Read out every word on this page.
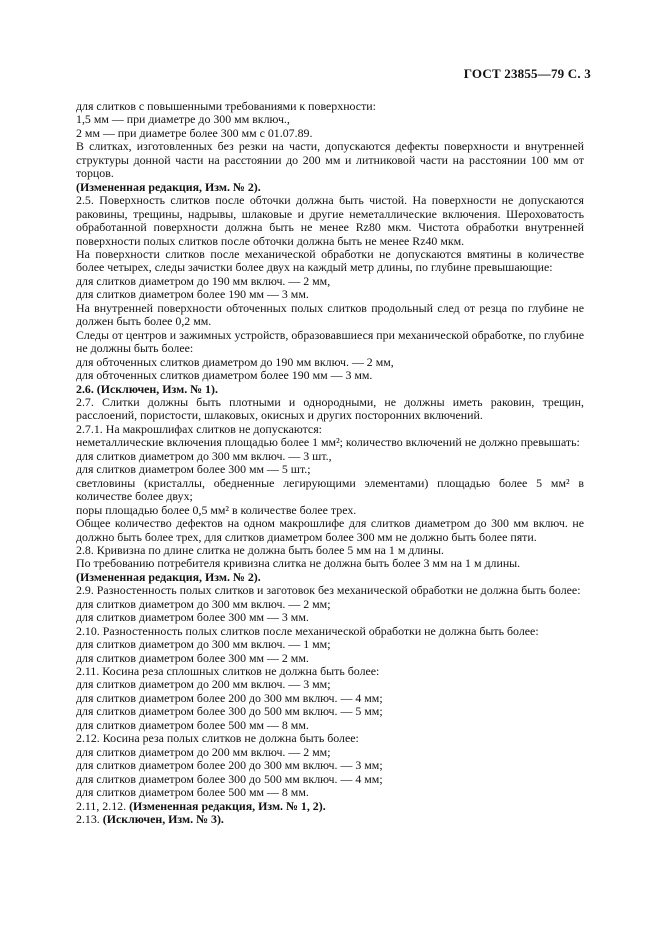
ГОСТ 23855—79 С. 3

для слитков с повышенными требованиями к поверхности:

1,5 мм — при диаметре до 300 мм включ.,

2 мм — при диаметре более 300 мм с 01.07.89.

В слитках, изготовленных без резки на части, допускаются дефекты поверхности и внутренней структуры донной части на расстоянии до 200 мм и литниковой части на расстоянии 100 мм от торцов.

(Измененная редакция, Изм. № 2).

2.5. Поверхность слитков после обточки должна быть чистой. На поверхности не допускаются раковины, трещины, надрывы, шлаковые и другие неметаллические включения. Шероховатость обработанной поверхности должна быть не менее Rz80 мкм. Чистота обработки внутренней поверхности полых слитков после обточки должна быть не менее Rz40 мкм.

На поверхности слитков после механической обработки не допускаются вмятины в количестве более четырех, следы зачистки более двух на каждый метр длины, по глубине превышающие:

для слитков диаметром до 190 мм включ. — 2 мм,

для слитков диаметром более 190 мм — 3 мм.

На внутренней поверхности обточенных полых слитков продольный след от резца по глубине не должен быть более 0,2 мм.

Следы от центров и зажимных устройств, образовавшиеся при механической обработке, по глубине не должны быть более:

для обточенных слитков диаметром до 190 мм включ. — 2 мм,

для обточенных слитков диаметром более 190 мм — 3 мм.

2.6. (Исключен, Изм. № 1).

2.7. Слитки должны быть плотными и однородными, не должны иметь раковин, трещин, расслоений, пористости, шлаковых, окисных и других посторонних включений.

2.7.1. На макрошлифах слитков не допускаются:

неметаллические включения площадью более 1 мм²; количество включений не должно превышать:

для слитков диаметром до 300 мм включ. — 3 шт.,

для слитков диаметром более 300 мм — 5 шт.;

светловины (кристаллы, обедненные легирующими элементами) площадью более 5 мм² в количестве более двух;

поры площадью более 0,5 мм² в количестве более трех.

Общее количество дефектов на одном макрошлифе для слитков диаметром до 300 мм включ. не должно быть более трех, для слитков диаметром более 300 мм не должно быть более пяти.

2.8. Кривизна по длине слитка не должна быть более 5 мм на 1 м длины.

По требованию потребителя кривизна слитка не должна быть более 3 мм на 1 м длины.

(Измененная редакция, Изм. № 2).

2.9. Разностенность полых слитков и заготовок без механической обработки не должна быть более:

для слитков диаметром до 300 мм включ. — 2 мм;

для слитков диаметром более 300 мм — 3 мм.

2.10. Разностенность полых слитков после механической обработки не должна быть более:

для слитков диаметром до 300 мм включ. — 1 мм;

для слитков диаметром более 300 мм — 2 мм.

2.11. Косина реза сплошных слитков не должна быть более:

для слитков диаметром до 200 мм включ. — 3 мм;

для слитков диаметром более 200 до 300 мм включ. — 4 мм;

для слитков диаметром более 300 до 500 мм включ. — 5 мм;

для слитков диаметром более 500 мм — 8 мм.

2.12. Косина реза полых слитков не должна быть более:

для слитков диаметром до 200 мм включ. — 2 мм;

для слитков диаметром более 200 до 300 мм включ. — 3 мм;

для слитков диаметром более 300 до 500 мм включ. — 4 мм;

для слитков диаметром более 500 мм — 8 мм.

2.11, 2.12. (Измененная редакция, Изм. № 1, 2).

2.13. (Исключен, Изм. № 3).
